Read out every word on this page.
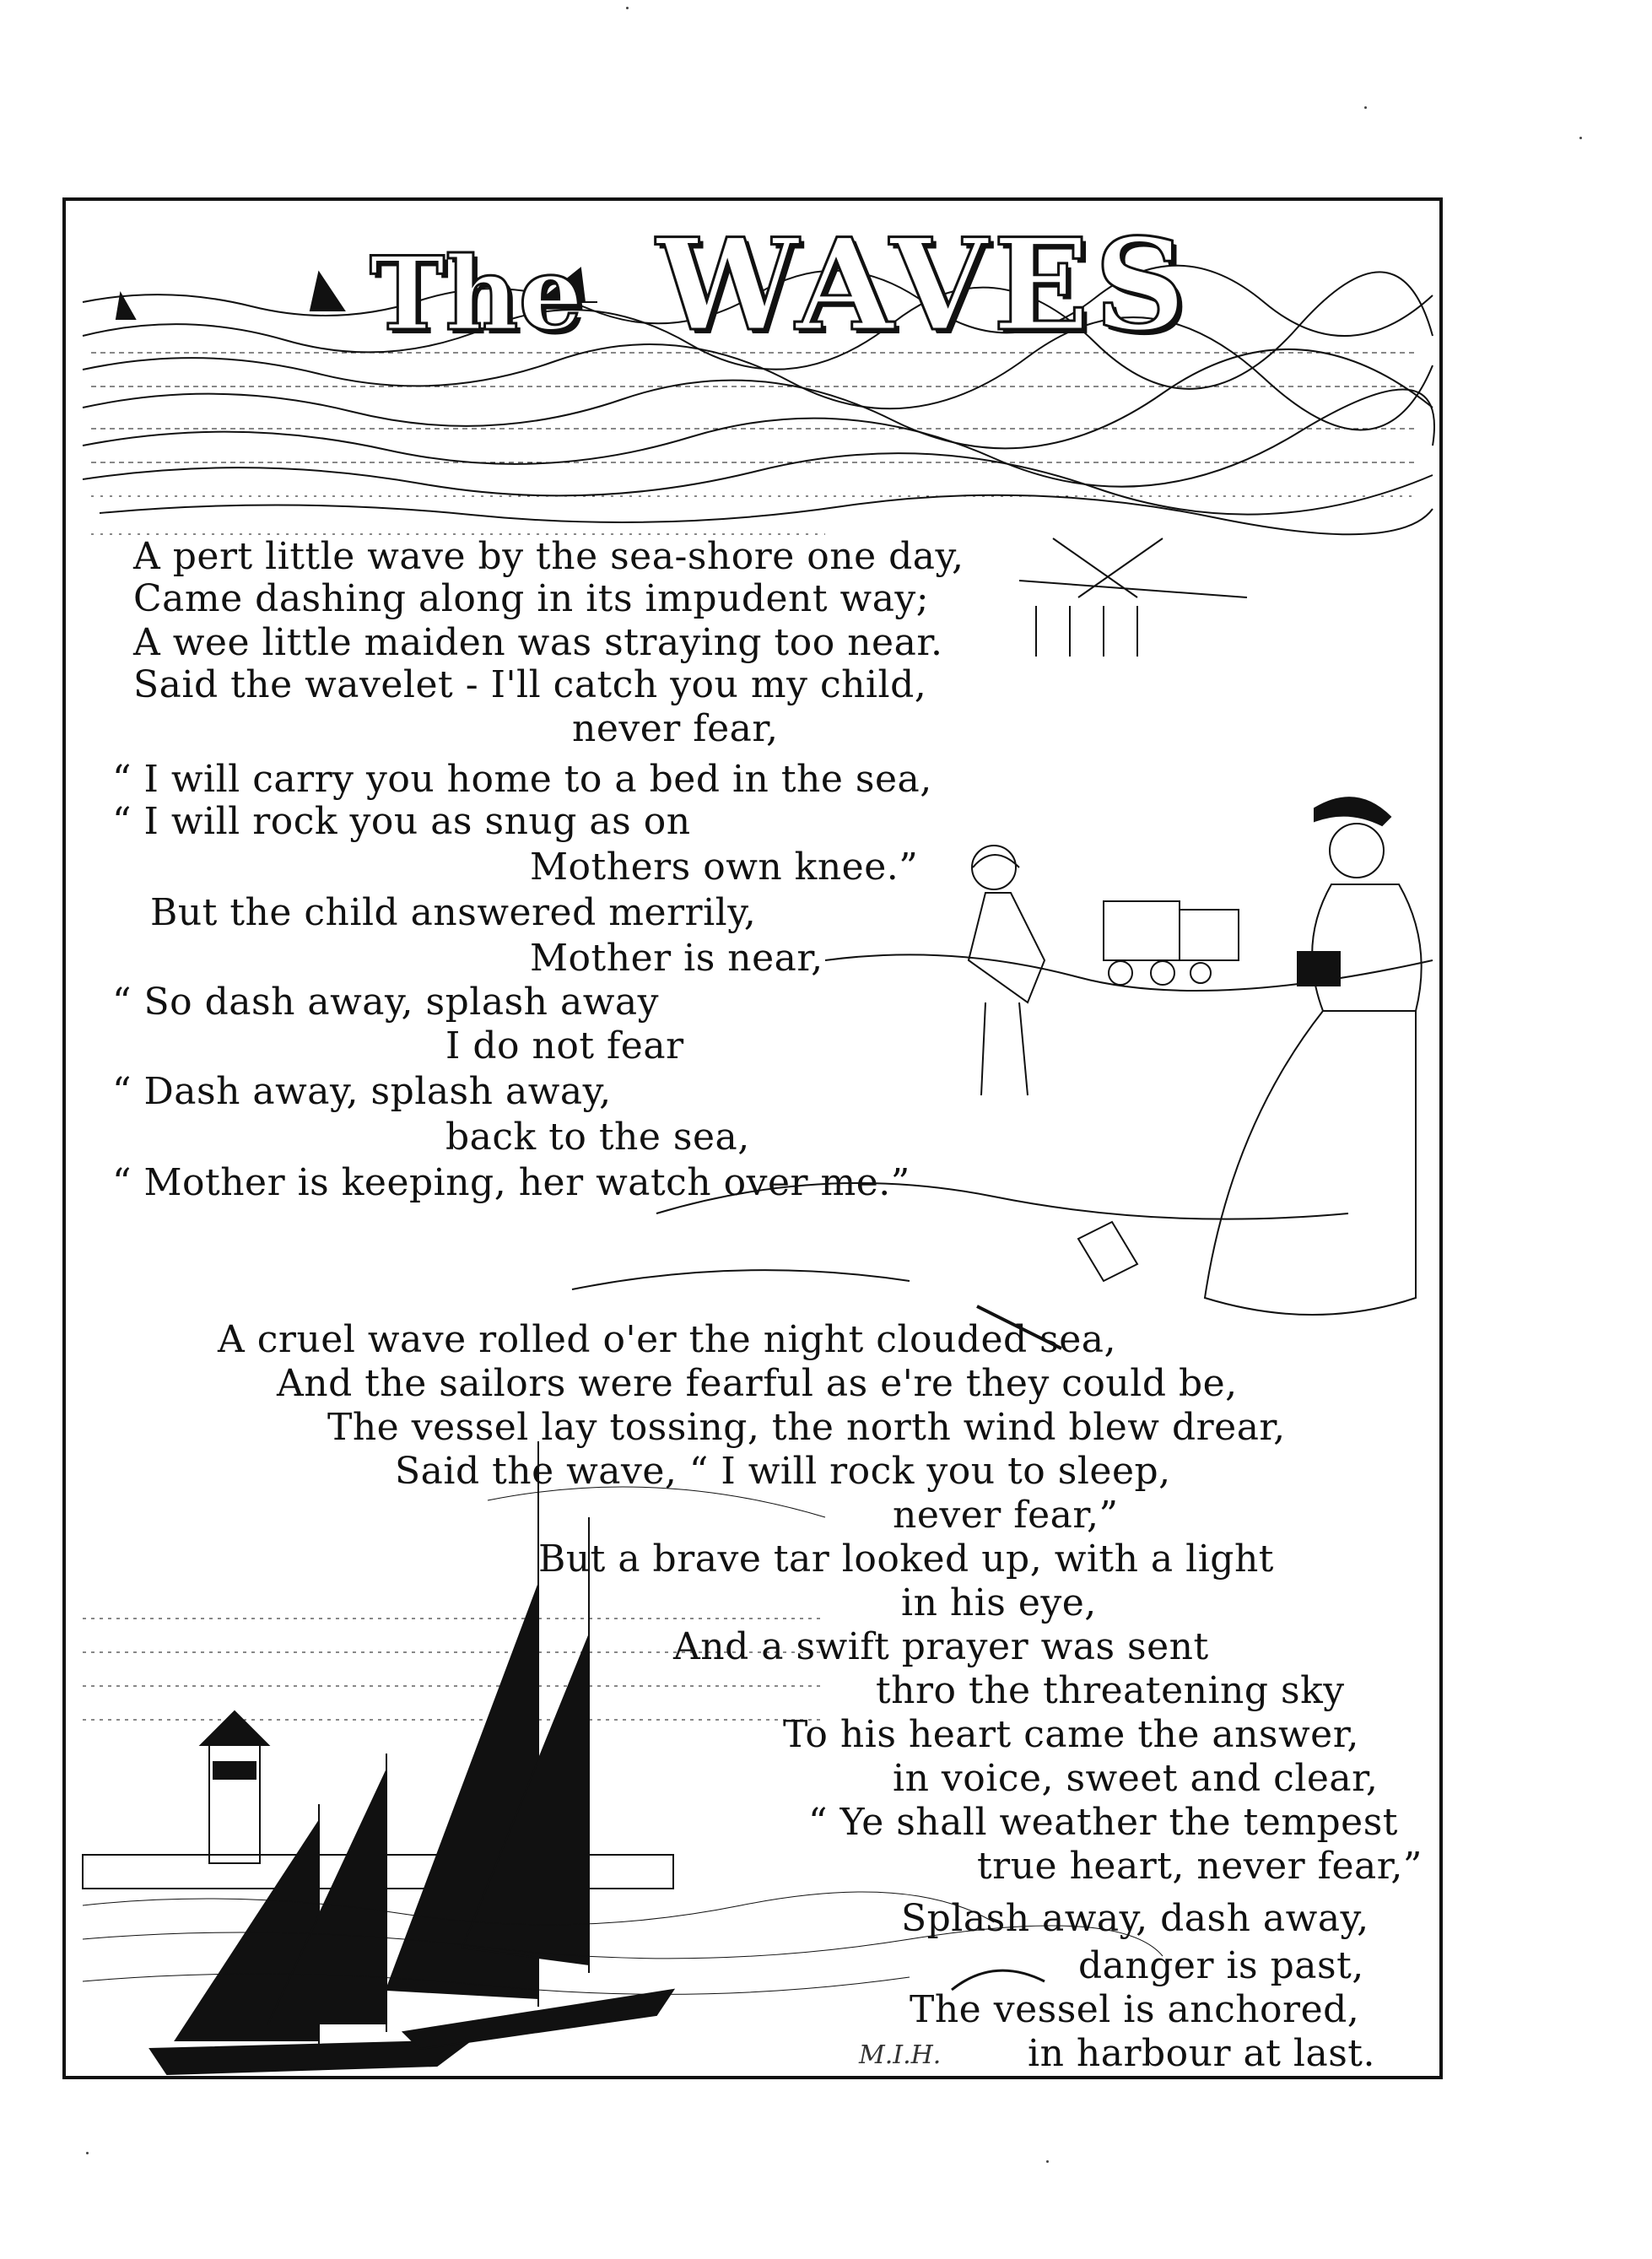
The WAVES
A pert little wave by the sea-shore one day,
Came dashing along in its impudent way;
A wee little maiden was straying too near.
Said the wavelet - I'll catch you my child,
never fear,
“ I will carry you home to a bed in the sea,
“ I will rock you as snug as on
Mothers own knee.”
But the child answered merrily,
Mother is near,
“ So dash away, splash away
I do not fear
“ Dash away, splash away,
back to the sea,
“ Mother is keeping, her watch over me.”
A cruel wave rolled o'er the night clouded sea,
And the sailors were fearful as e're they could be,
The vessel lay tossing, the north wind blew drear,
Said the wave, “ I will rock you to sleep,
never fear,”
But a brave tar looked up, with a light
in his eye,
And a swift prayer was sent
thro the threatening sky
To his heart came the answer,
in voice, sweet and clear,
“ Ye shall weather the tempest
true heart, never fear,”
Splash away, dash away,
danger is past,
The vessel is anchored,
in harbour at last.
M.I.H.
